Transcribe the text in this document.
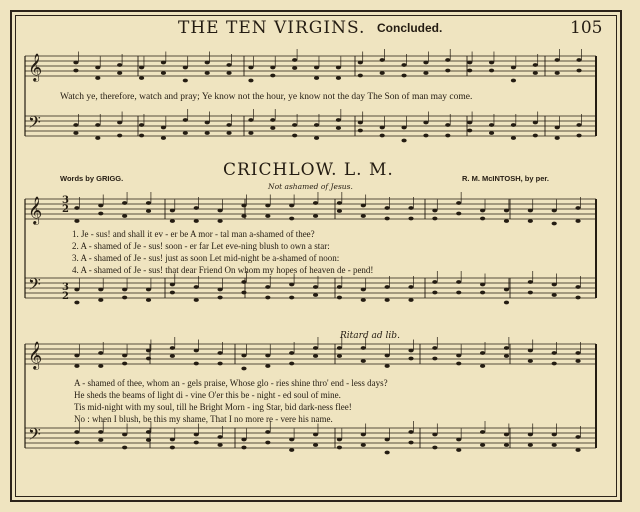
THE TEN VIRGINS. Concluded.	105
𝄞
𝄢
𝄞
𝄢
𝄞
𝄢
Watch ye, therefore, watch and pray; Ye know not the hour, ye know not the day The Son of man may come.
Words by GRIGG.	CRICHLOW. L. M.
Not ashamed of Jesus.
R. M. McINTOSH, by per.
3
2
3
2
1. Je - sus! and shall it ev - er be A mor - tal man a-shamed of thee?
2. A - shamed of Je - sus! soon - er far Let eve-ning blush to own a star:
3. A - shamed of Je - sus! just as soon Let mid-night be a-shamed of noon:
4. A - shamed of Je - sus! that dear Friend On whom my hopes of heaven de - pend!
Ritard ad lib.
A - shamed of thee, whom an - gels praise, Whose glo - ries shine thro' end - less days?
He sheds the beams of light di - vine O'er this be - night - ed soul of mine.
Tis mid-night with my soul, till he Bright Morn - ing Star, bid dark-ness flee!
No : when I blush, be this my shame, That I no more re - vere his name.
